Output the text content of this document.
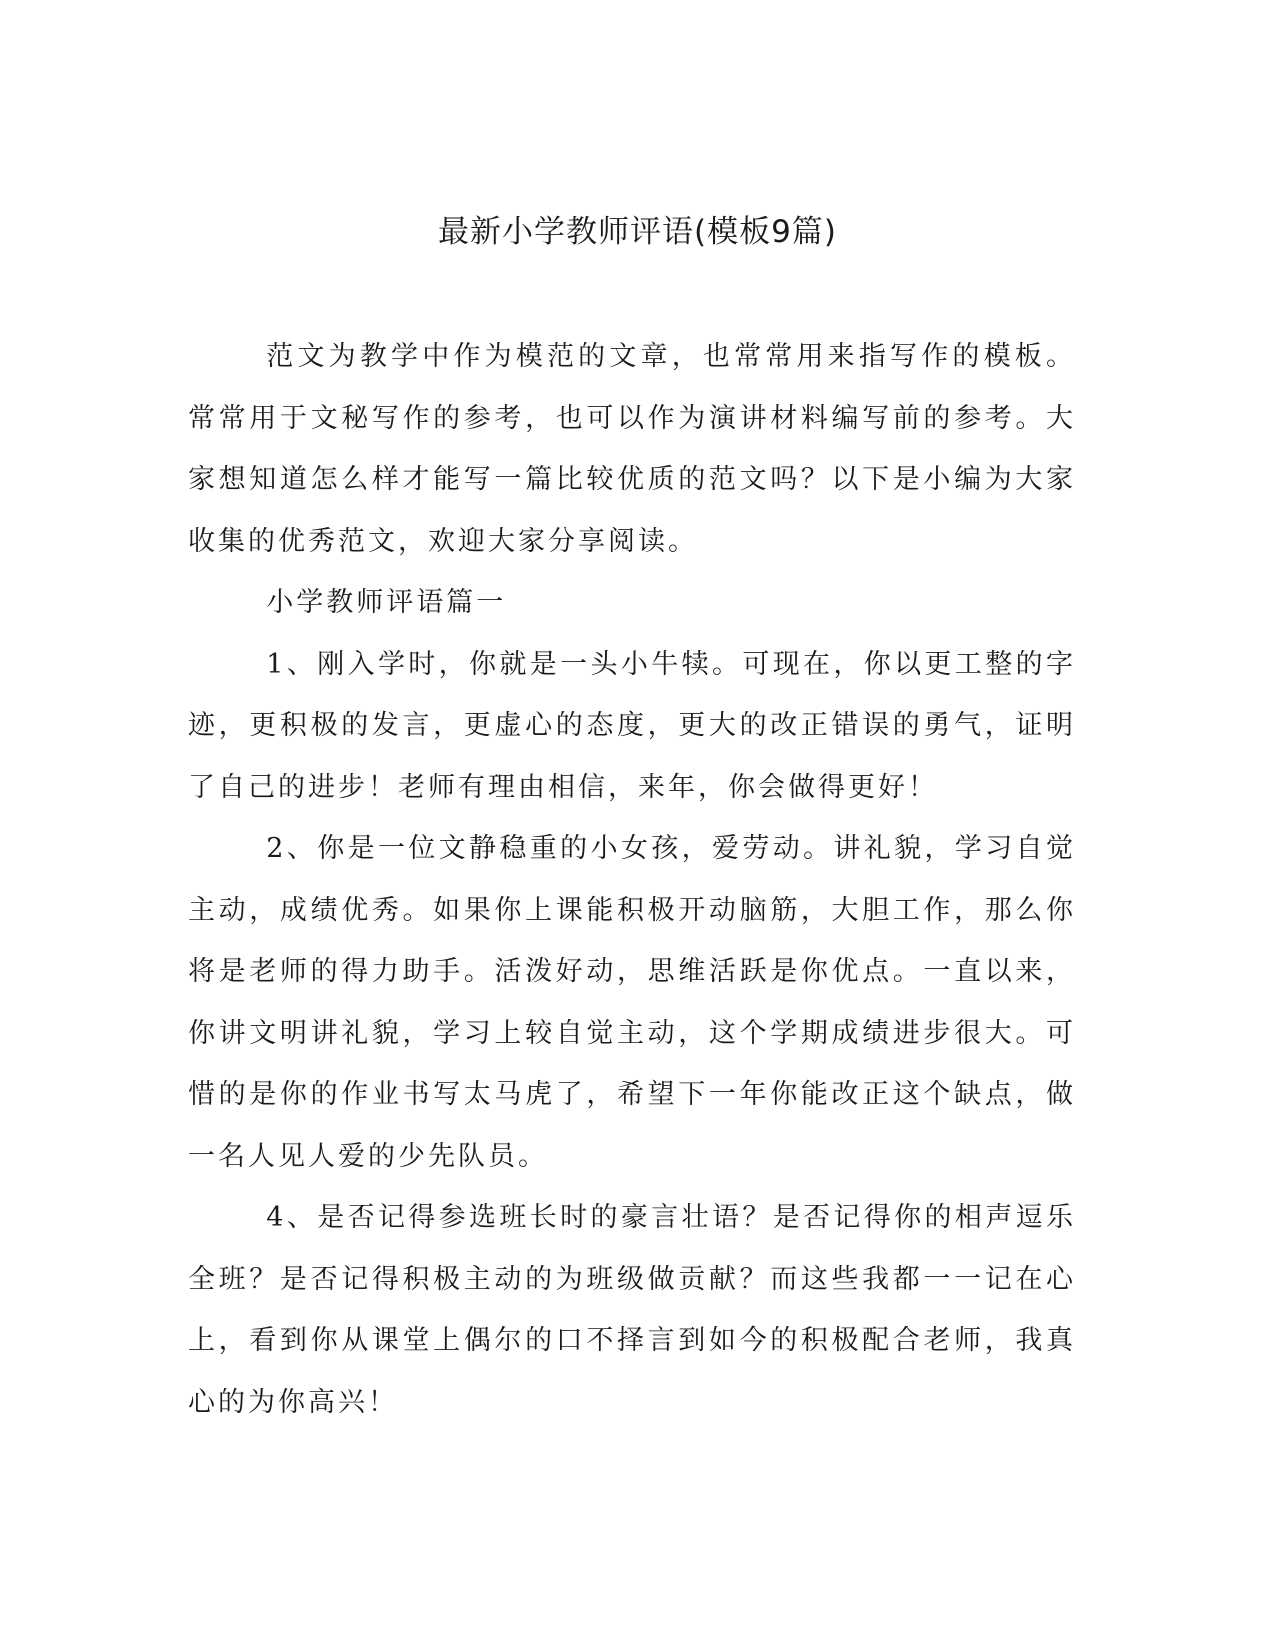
最新小学教师评语(模板9篇)

范文为教学中作为模范的文章，也常常用来指写作的模板。常常用于文秘写作的参考，也可以作为演讲材料编写前的参考。大家想知道怎么样才能写一篇比较优质的范文吗？以下是小编为大家收集的优秀范文，欢迎大家分享阅读。

小学教师评语篇一

1、刚入学时，你就是一头小牛犊。可现在，你以更工整的字迹，更积极的发言，更虚心的态度，更大的改正错误的勇气，证明了自己的进步！老师有理由相信，来年，你会做得更好！

2、你是一位文静稳重的小女孩，爱劳动。讲礼貌，学习自觉主动，成绩优秀。如果你上课能积极开动脑筋，大胆工作，那么你将是老师的得力助手。活泼好动，思维活跃是你优点。一直以来，你讲文明讲礼貌，学习上较自觉主动，这个学期成绩进步很大。可惜的是你的作业书写太马虎了，希望下一年你能改正这个缺点，做一名人见人爱的少先队员。

4、是否记得参选班长时的豪言壮语？是否记得你的相声逗乐全班？是否记得积极主动的为班级做贡献？而这些我都一一记在心上，看到你从课堂上偶尔的口不择言到如今的积极配合老师，我真心的为你高兴！
